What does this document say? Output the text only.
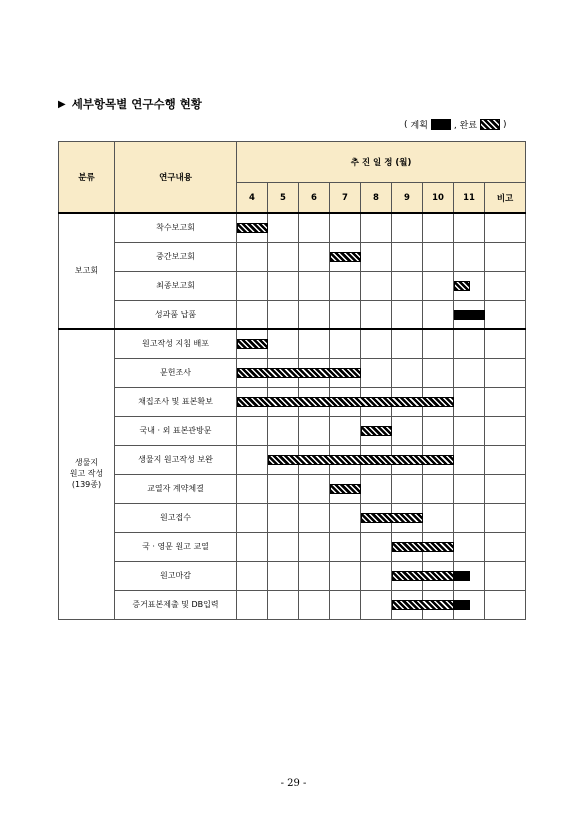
▶ 세부항목별 연구수행 현황
( 계획	, 완료	)
분류	연구내용	추 진 일 정 (월)								
		4	5	6	7	8	9	10	11	비고

보고회	착수보고회	

	중간보고회				

	최종보고회								

	성과품 납품								

생물지
원고 작성
(139종)	원고작성 지침 배포	

	문헌조사	

	채집조사 및 표본확보	

	국내 · 외 표본관방문					

	생물지 원고작성 보완		

	교열자 계약체결				

	원고접수					

	국 · 영문 원고 교열						

	원고마감						

	증거표본제출 및 DB입력						

- 29 -
